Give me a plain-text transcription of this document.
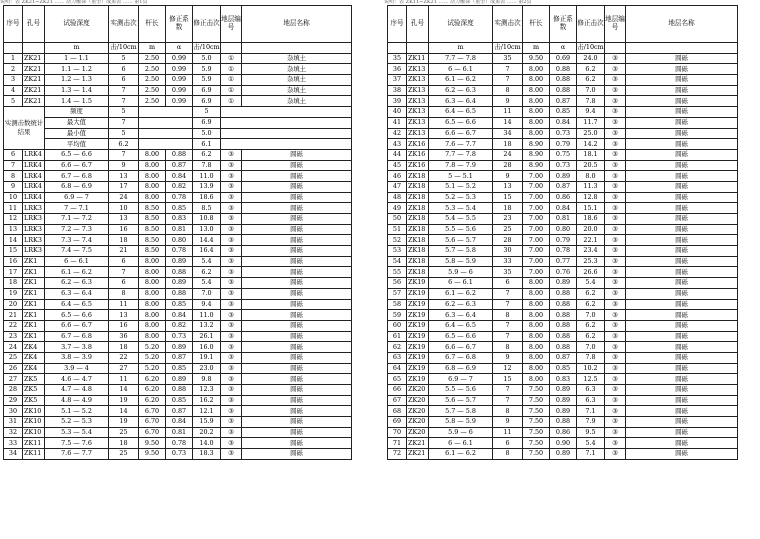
说明：表 ZK21~ZK21 …… 动力触探（重型）成果表 …… 第1页
序号	孔号	试验深度	实测击次	杆长	修正系数	修正击次	地层编号	地层名称
		m	击/10cm	m	α	击/10cm		
1	ZK21	1 — 1.1	5	2.50	0.99	5.0	①	杂填土
2	ZK21	1.1 — 1.2	6	2.50	0.99	5.9	①	杂填土
3	ZK21	1.2 — 1.3	6	2.50	0.99	5.9	①	杂填土
4	ZK21	1.3 — 1.4	7	2.50	0.99	6.9	①	杂填土
5	ZK21	1.4 — 1.5	7	2.50	0.99	6.9	①	杂填土
实测击数统计结果		频度	5			5		
		最大值	7			6.9		
		最小值	5			5.0		
		平均值	6.2			6.1		
6	LRK4	6.5 — 6.6	7	8.00	0.88	6.2	③	圆砾
7	LRK4	6.6 — 6.7	9	8.00	0.87	7.8	③	圆砾
8	LRK4	6.7 — 6.8	13	8.00	0.84	11.0	③	圆砾
9	LRK4	6.8 — 6.9	17	8.00	0.82	13.9	③	圆砾
10	LRK4	6.9 — 7	24	8.00	0.78	18.6	③	圆砾
11	LRK3	7 — 7.1	10	8.50	0.85	8.5	③	圆砾
12	LRK3	7.1 — 7.2	13	8.50	0.83	10.8	③	圆砾
13	LRK3	7.2 — 7.3	16	8.50	0.81	13.0	③	圆砾
14	LRK3	7.3 — 7.4	18	8.50	0.80	14.4	③	圆砾
15	LRK3	7.4 — 7.5	21	8.50	0.78	16.4	③	圆砾
16	ZK1	6 — 6.1	6	8.00	0.89	5.4	③	圆砾
17	ZK1	6.1 — 6.2	7	8.00	0.88	6.2	③	圆砾
18	ZK1	6.2 — 6.3	6	8.00	0.89	5.4	③	圆砾
19	ZK1	6.3 — 6.4	8	8.00	0.88	7.0	③	圆砾
20	ZK1	6.4 — 6.5	11	8.00	0.85	9.4	③	圆砾
21	ZK1	6.5 — 6.6	13	8.00	0.84	11.0	③	圆砾
22	ZK1	6.6 — 6.7	16	8.00	0.82	13.2	③	圆砾
23	ZK1	6.7 — 6.8	36	8.00	0.73	26.1	③	圆砾
24	ZK4	3.7 — 3.8	18	5.20	0.89	16.0	③	圆砾
25	ZK4	3.8 — 3.9	22	5.20	0.87	19.1	③	圆砾
26	ZK4	3.9 — 4	27	5.20	0.85	23.0	③	圆砾
27	ZK5	4.6 — 4.7	11	6.20	0.89	9.8	③	圆砾
28	ZK5	4.7 — 4.8	14	6.20	0.88	12.3	③	圆砾
29	ZK5	4.8 — 4.9	19	6.20	0.85	16.2	③	圆砾
30	ZK10	5.1 — 5.2	14	6.70	0.87	12.1	③	圆砾
31	ZK10	5.2 — 5.3	19	6.70	0.84	15.9	③	圆砾
32	ZK10	5.3 — 5.4	25	6.70	0.81	20.2	③	圆砾
33	ZK11	7.5 — 7.6	18	9.50	0.78	14.0	③	圆砾
34	ZK11	7.6 — 7.7	25	9.50	0.73	18.3	③	圆砾
说明：表 ZK11~ZK21 …… 动力触探（重型）成果表 …… 第2页
序号	孔号	试验深度	实测击次	杆长	修正系数	修正击次	地层编号	地层名称
		m	击/10cm	m	α	击/10cm		
35	ZK11	7.7 — 7.8	35	9.50	0.69	24.0	③	圆砾
36	ZK13	6 — 6.1	7	8.00	0.88	6.2	③	圆砾
37	ZK13	6.1 — 6.2	7	8.00	0.88	6.2	③	圆砾
38	ZK13	6.2 — 6.3	8	8.00	0.88	7.0	③	圆砾
39	ZK13	6.3 — 6.4	9	8.00	0.87	7.8	③	圆砾
40	ZK13	6.4 — 6.5	11	8.00	0.85	9.4	③	圆砾
41	ZK13	6.5 — 6.6	14	8.00	0.84	11.7	③	圆砾
42	ZK13	6.6 — 6.7	34	8.00	0.73	25.0	③	圆砾
43	ZK16	7.6 — 7.7	18	8.90	0.79	14.2	③	圆砾
44	ZK16	7.7 — 7.8	24	8.90	0.75	18.1	③	圆砾
45	ZK16	7.8 — 7.9	28	8.90	0.73	20.5	③	圆砾
46	ZK18	5 — 5.1	9	7.00	0.89	8.0	③	圆砾
47	ZK18	5.1 — 5.2	13	7.00	0.87	11.3	③	圆砾
48	ZK18	5.2 — 5.3	15	7.00	0.86	12.8	③	圆砾
49	ZK18	5.3 — 5.4	18	7.00	0.84	15.1	③	圆砾
50	ZK18	5.4 — 5.5	23	7.00	0.81	18.6	③	圆砾
51	ZK18	5.5 — 5.6	25	7.00	0.80	20.0	③	圆砾
52	ZK18	5.6 — 5.7	28	7.00	0.79	22.1	③	圆砾
53	ZK18	5.7 — 5.8	30	7.00	0.78	23.4	③	圆砾
54	ZK18	5.8 — 5.9	33	7.00	0.77	25.3	③	圆砾
55	ZK18	5.9 — 6	35	7.00	0.76	26.6	③	圆砾
56	ZK19	6 — 6.1	6	8.00	0.89	5.4	③	圆砾
57	ZK19	6.1 — 6.2	7	8.00	0.88	6.2	③	圆砾
58	ZK19	6.2 — 6.3	7	8.00	0.88	6.2	③	圆砾
59	ZK19	6.3 — 6.4	8	8.00	0.88	7.0	③	圆砾
60	ZK19	6.4 — 6.5	7	8.00	0.88	6.2	③	圆砾
61	ZK19	6.5 — 6.6	7	8.00	0.88	6.2	③	圆砾
62	ZK19	6.6 — 6.7	8	8.00	0.88	7.0	③	圆砾
63	ZK19	6.7 — 6.8	9	8.00	0.87	7.8	③	圆砾
64	ZK19	6.8 — 6.9	12	8.00	0.85	10.2	③	圆砾
65	ZK19	6.9 — 7	15	8.00	0.83	12.5	③	圆砾
66	ZK20	5.5 — 5.6	7	7.50	0.89	6.3	③	圆砾
67	ZK20	5.6 — 5.7	7	7.50	0.89	6.3	③	圆砾
68	ZK20	5.7 — 5.8	8	7.50	0.89	7.1	③	圆砾
69	ZK20	5.8 — 5.9	9	7.50	0.88	7.9	③	圆砾
70	ZK20	5.9 — 6	11	7.50	0.86	9.5	③	圆砾
71	ZK21	6 — 6.1	6	7.50	0.90	5.4	③	圆砾
72	ZK21	6.1 — 6.2	8	7.50	0.89	7.1	③	圆砾
